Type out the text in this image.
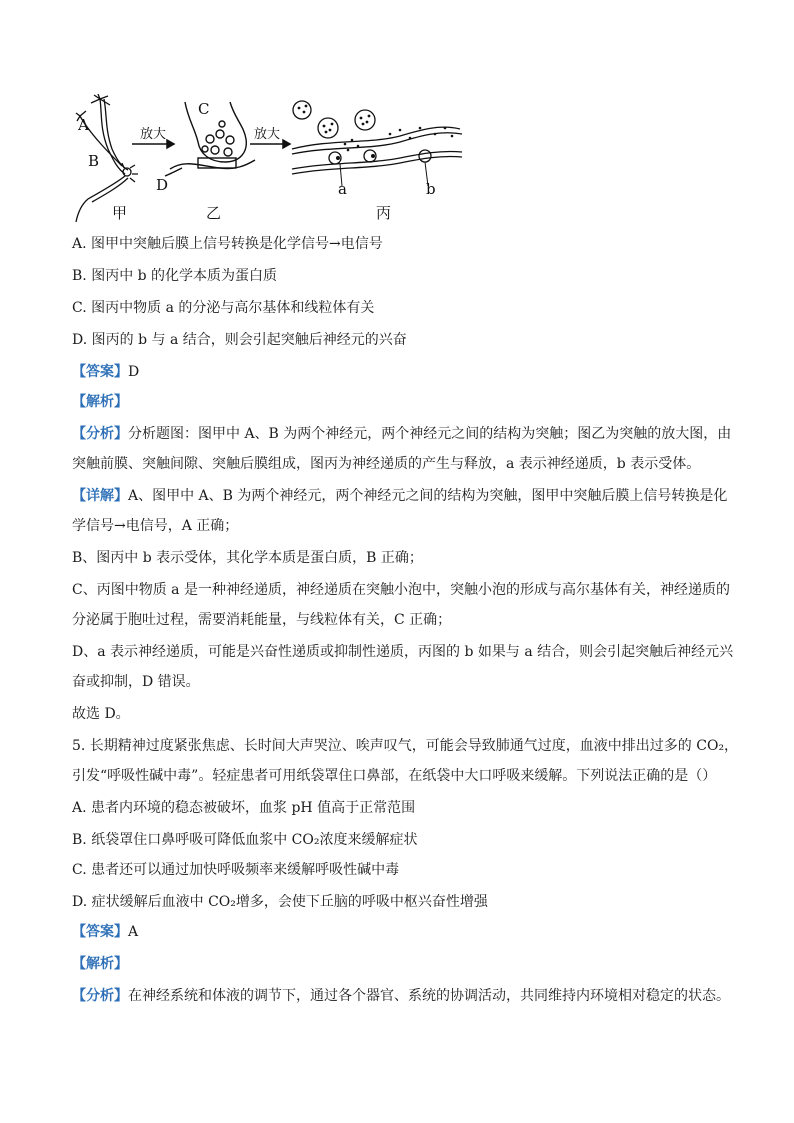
A
B
放大
C
D
放大
a	b
甲	乙	丙
A. 图甲中突触后膜上信号转换是化学信号→电信号
B. 图丙中 b 的化学本质为蛋白质
C. 图丙中物质 a 的分泌与高尔基体和线粒体有关
D. 图丙的 b 与 a 结合，则会引起突触后神经元的兴奋
【答案】D
【解析】
【分析】分析题图：图甲中 A、B 为两个神经元，两个神经元之间的结构为突触；图乙为突触的放大图，由
突触前膜、突触间隙、突触后膜组成，图丙为神经递质的产生与释放，a 表示神经递质，b 表示受体。
【详解】A、图甲中 A、B 为两个神经元，两个神经元之间的结构为突触，图甲中突触后膜上信号转换是化
学信号→电信号，A 正确；
B、图丙中 b 表示受体，其化学本质是蛋白质，B 正确；
C、丙图中物质 a 是一种神经递质，神经递质在突触小泡中，突触小泡的形成与高尔基体有关，神经递质的
分泌属于胞吐过程，需要消耗能量，与线粒体有关，C 正确；
D、a 表示神经递质，可能是兴奋性递质或抑制性递质，丙图的 b 如果与 a 结合，则会引起突触后神经元兴
奋或抑制，D 错误。
故选 D。
5. 长期精神过度紧张焦虑、长时间大声哭泣、唉声叹气，可能会导致肺通气过度，血液中排出过多的 CO₂，
引发“呼吸性碱中毒”。轻症患者可用纸袋罩住口鼻部，在纸袋中大口呼吸来缓解。下列说法正确的是（）
A. 患者内环境的稳态被破坏，血浆 pH 值高于正常范围
B. 纸袋罩住口鼻呼吸可降低血浆中 CO₂浓度来缓解症状
C. 患者还可以通过加快呼吸频率来缓解呼吸性碱中毒
D. 症状缓解后血液中 CO₂增多，会使下丘脑的呼吸中枢兴奋性增强
【答案】A
【解析】
【分析】在神经系统和体液的调节下，通过各个器官、系统的协调活动，共同维持内环境相对稳定的状态。
